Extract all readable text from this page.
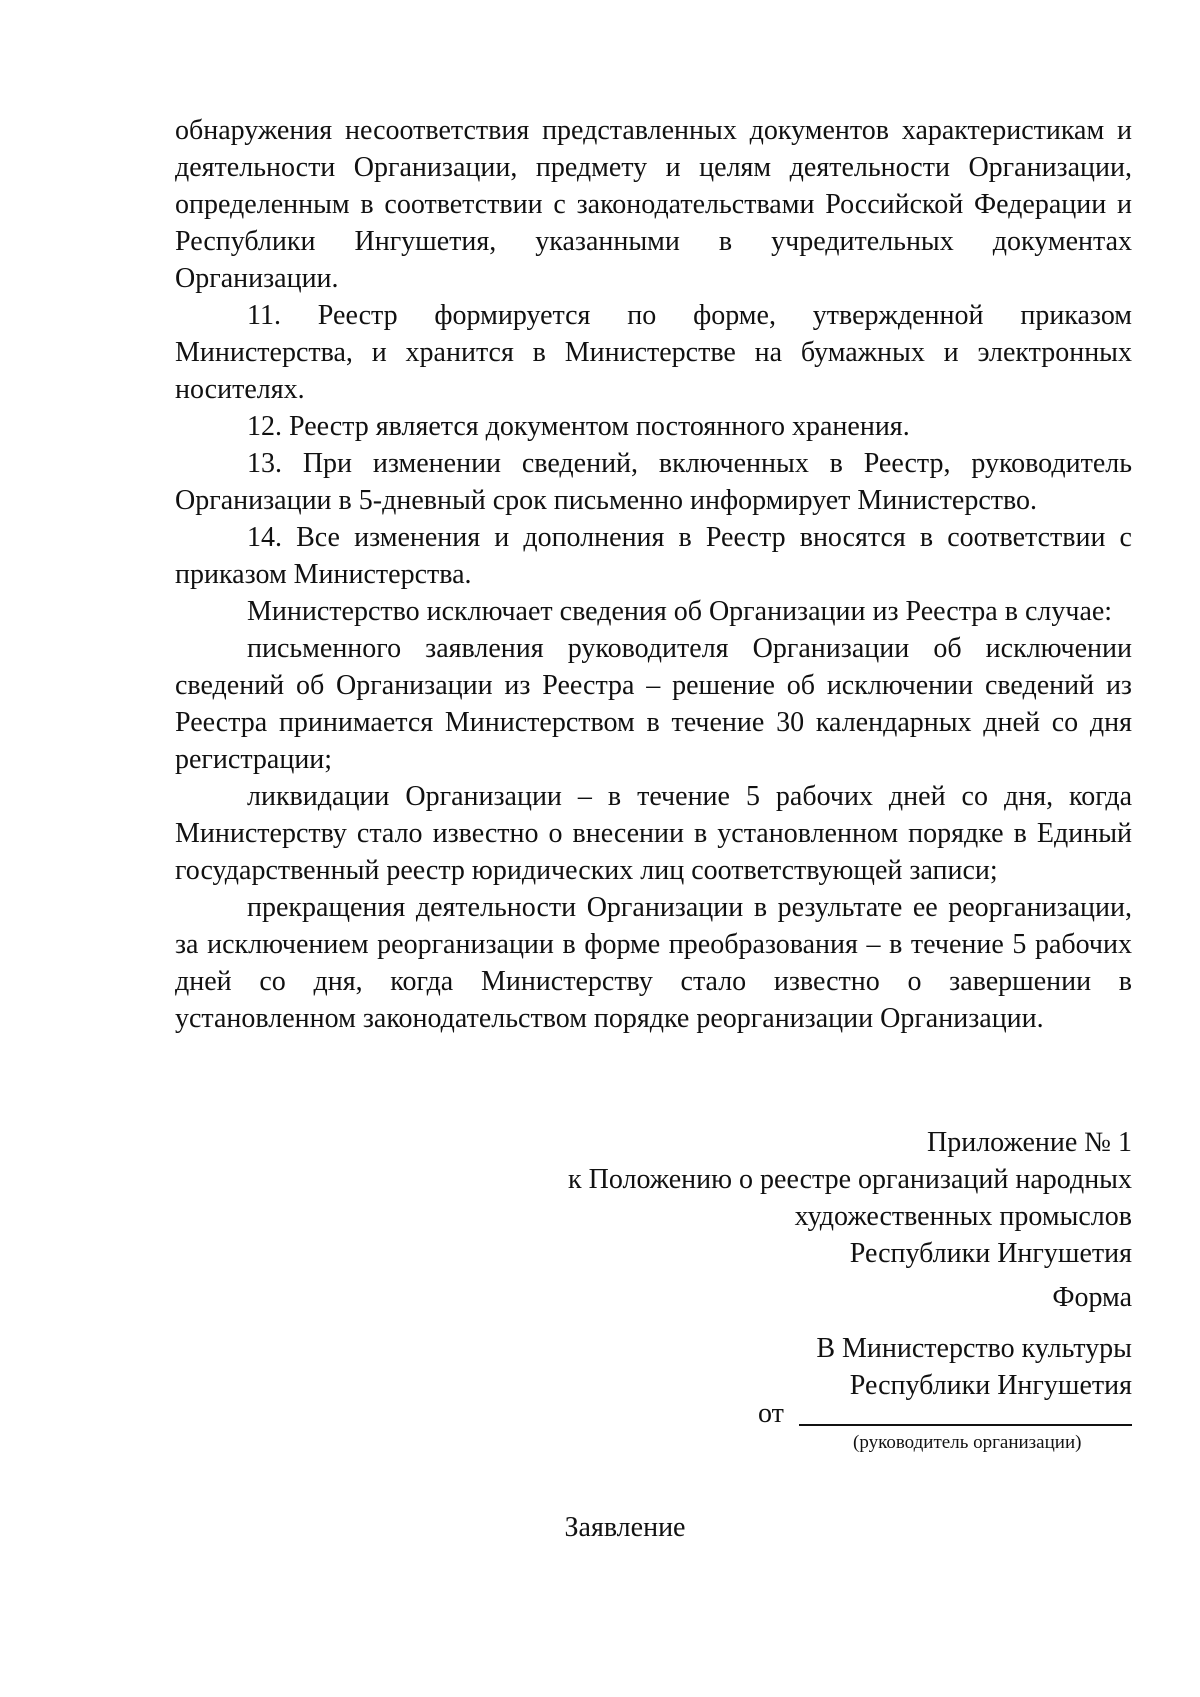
обнаружения несоответствия представленных документов характеристикам и деятельности Организации, предмету и целям деятельности Организации, определенным в соответствии с законодательствами Российской Федерации и Республики Ингушетия, указанными в учредительных документах Организации.

11. Реестр формируется по форме, утвержденной приказом Министерства, и хранится в Министерстве на бумажных и электронных носителях.

12. Реестр является документом постоянного хранения.

13. При изменении сведений, включенных в Реестр, руководитель Организации в 5-дневный срок письменно информирует Министерство.

14. Все изменения и дополнения в Реестр вносятся в соответствии с приказом Министерства.

Министерство исключает сведения об Организации из Реестра в случае:

письменного заявления руководителя Организации об исключении сведений об Организации из Реестра – решение об исключении сведений из Реестра принимается Министерством в течение 30 календарных дней со дня регистрации;

ликвидации Организации – в течение 5 рабочих дней со дня, когда Министерству стало известно о внесении в установленном порядке в Единый государственный реестр юридических лиц соответствующей записи;

прекращения деятельности Организации в результате ее реорганизации, за исключением реорганизации в форме преобразования – в течение 5 рабочих дней со дня, когда Министерству стало известно о завершении в установленном законодательством порядке реорганизации Организации.

Приложение № 1
к Положению о реестре организаций народных
художественных промыслов
Республики Ингушетия
Форма
В Министерство культуры
Республики Ингушетия
от
(руководитель организации)
Заявление
